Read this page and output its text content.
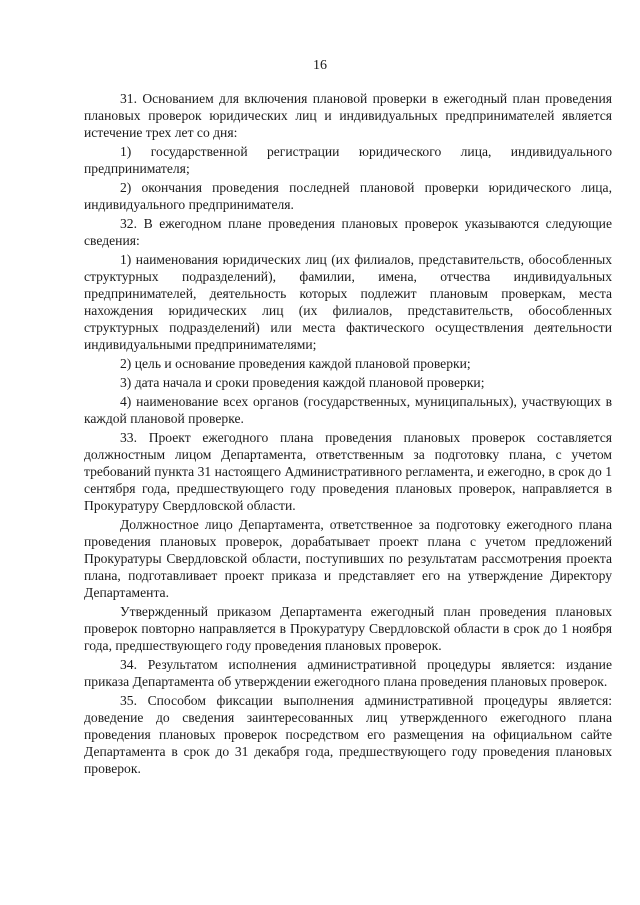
16

31. Основанием для включения плановой проверки в ежегодный план проведения плановых проверок юридических лиц и индивидуальных предпринимателей является истечение трех лет со дня:

1) государственной регистрации юридического лица, индивидуального предпринимателя;

2) окончания проведения последней плановой проверки юридического лица, индивидуального предпринимателя.

32. В ежегодном плане проведения плановых проверок указываются следующие сведения:

1) наименования юридических лиц (их филиалов, представительств, обособленных структурных подразделений), фамилии, имена, отчества индивидуальных предпринимателей, деятельность которых подлежит плановым проверкам, места нахождения юридических лиц (их филиалов, представительств, обособленных структурных подразделений) или места фактического осуществления деятельности индивидуальными предпринимателями;

2) цель и основание проведения каждой плановой проверки;

3) дата начала и сроки проведения каждой плановой проверки;

4) наименование всех органов (государственных, муниципальных), участвующих в каждой плановой проверке.

33. Проект ежегодного плана проведения плановых проверок составляется должностным лицом Департамента, ответственным за подготовку плана, с учетом требований пункта 31 настоящего Административного регламента, и ежегодно, в срок до 1 сентября года, предшествующего году проведения плановых проверок, направляется в Прокуратуру Свердловской области.

Должностное лицо Департамента, ответственное за подготовку ежегодного плана проведения плановых проверок, дорабатывает проект плана с учетом предложений Прокуратуры Свердловской области, поступивших по результатам рассмотрения проекта плана, подготавливает проект приказа и представляет его на утверждение Директору Департамента.

Утвержденный приказом Департамента ежегодный план проведения плановых проверок повторно направляется в Прокуратуру Свердловской области в срок до 1 ноября года, предшествующего году проведения плановых проверок.

34. Результатом исполнения административной процедуры является: издание приказа Департамента об утверждении ежегодного плана проведения плановых проверок.

35. Способом фиксации выполнения административной процедуры является: доведение до сведения заинтересованных лиц утвержденного ежегодного плана проведения плановых проверок посредством его размещения на официальном сайте Департамента в срок до 31 декабря года, предшествующего году проведения плановых проверок.
